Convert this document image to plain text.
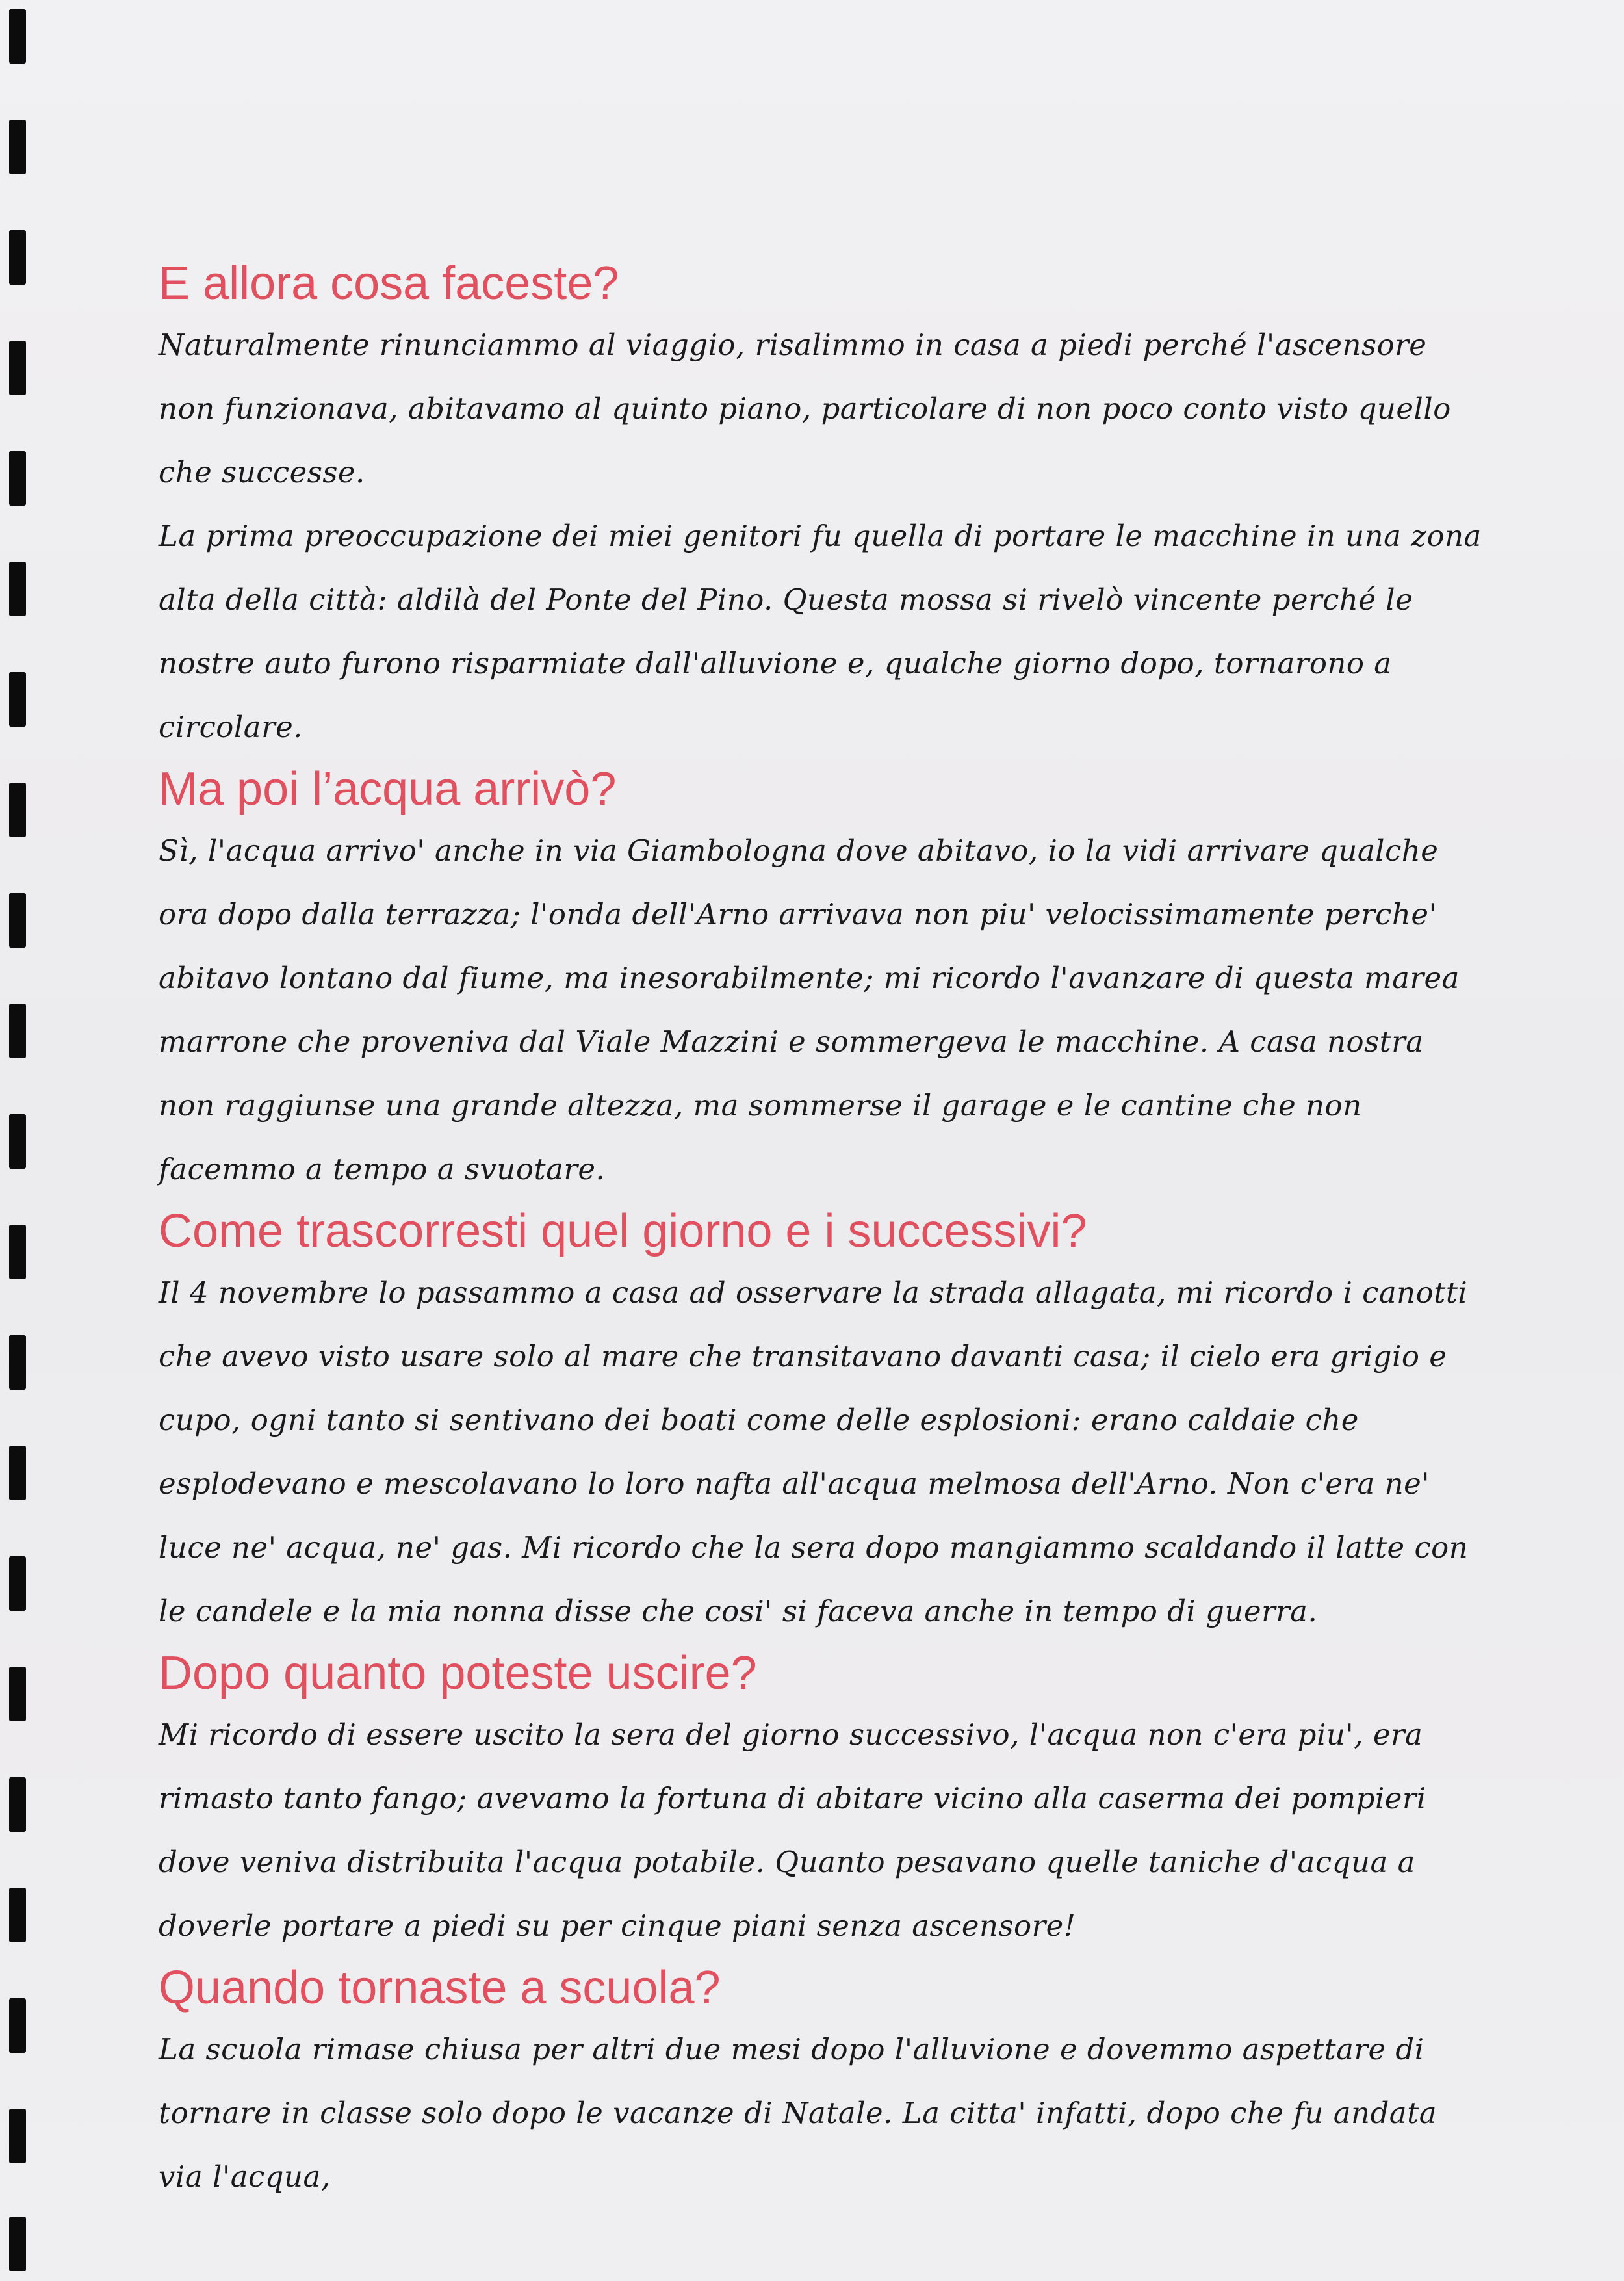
E allora cosa faceste?

Naturalmente rinunciammo al viaggio, risalimmo in casa a piedi perché l'ascensore non funzionava, abitavamo al quinto piano, particolare di non poco conto visto quello che successe.

La prima preoccupazione dei miei genitori fu quella di portare le macchine in una zona alta della città: aldilà del Ponte del Pino. Questa mossa si rivelò vincente perché le nostre auto furono risparmiate dall'alluvione e, qualche giorno dopo, tornarono a circolare.

Ma poi l’acqua arrivò?

Sì, l'acqua arrivo' anche in via Giambologna dove abitavo, io la vidi arrivare qualche ora dopo dalla terrazza; l'onda dell'Arno arrivava non piu' velocissimamente perche' abitavo lontano dal fiume, ma inesorabilmente; mi ricordo l'avanzare di questa marea marrone che proveniva dal Viale Mazzini e sommergeva le macchine. A casa nostra non raggiunse una grande altezza, ma sommerse il garage e le cantine che non facemmo a tempo a svuotare.

Come trascorresti quel giorno e i successivi?

Il 4 novembre lo passammo a casa ad osservare la strada allagata, mi ricordo i canotti che avevo visto usare solo al mare che transitavano davanti casa; il cielo era grigio e cupo, ogni tanto si sentivano dei boati come delle esplosioni: erano caldaie che esplodevano e mescolavano lo loro nafta all'acqua melmosa dell'Arno. Non c'era ne' luce ne' acqua, ne' gas. Mi ricordo che la sera dopo mangiammo scaldando il latte con le candele e la mia nonna disse che cosi' si faceva anche in tempo di guerra.

Dopo quanto poteste uscire?

Mi ricordo di essere uscito la sera del giorno successivo, l'acqua non c'era piu', era rimasto tanto fango; avevamo la fortuna di abitare vicino alla caserma dei pompieri dove veniva distribuita l'acqua potabile. Quanto pesavano quelle taniche d'acqua a doverle portare a piedi su per cinque piani senza ascensore!

Quando tornaste a scuola?

La scuola rimase chiusa per altri due mesi dopo l'alluvione e dovemmo aspettare di tornare in classe solo dopo le vacanze di Natale. La citta' infatti, dopo che fu andata via l'acqua,
